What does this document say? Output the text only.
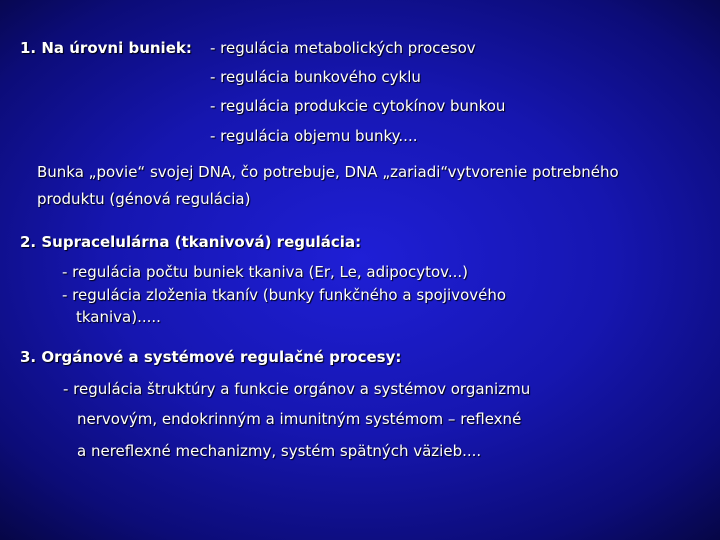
1. Na úrovni buniek: - regulácia metabolických procesov
- regulácia bunkového cyklu
- regulácia produkcie cytokínov bunkou
- regulácia objemu bunky....
Bunka „povie“ svojej DNA, čo potrebuje, DNA „zariadi“vytvorenie potrebného
produktu (génová regulácia)
2. Supracelulárna (tkanivová) regulácia:
- regulácia počtu buniek tkaniva (Er, Le, adipocytov...)
- regulácia zloženia tkanív (bunky funkčného a spojivového
tkaniva).....
3. Orgánové a systémové regulačné procesy:
- regulácia štruktúry a funkcie orgánov a systémov organizmu
nervovým, endokrinným a imunitným systémom – reflexné
a nereflexné mechanizmy, systém spätných väzieb....
